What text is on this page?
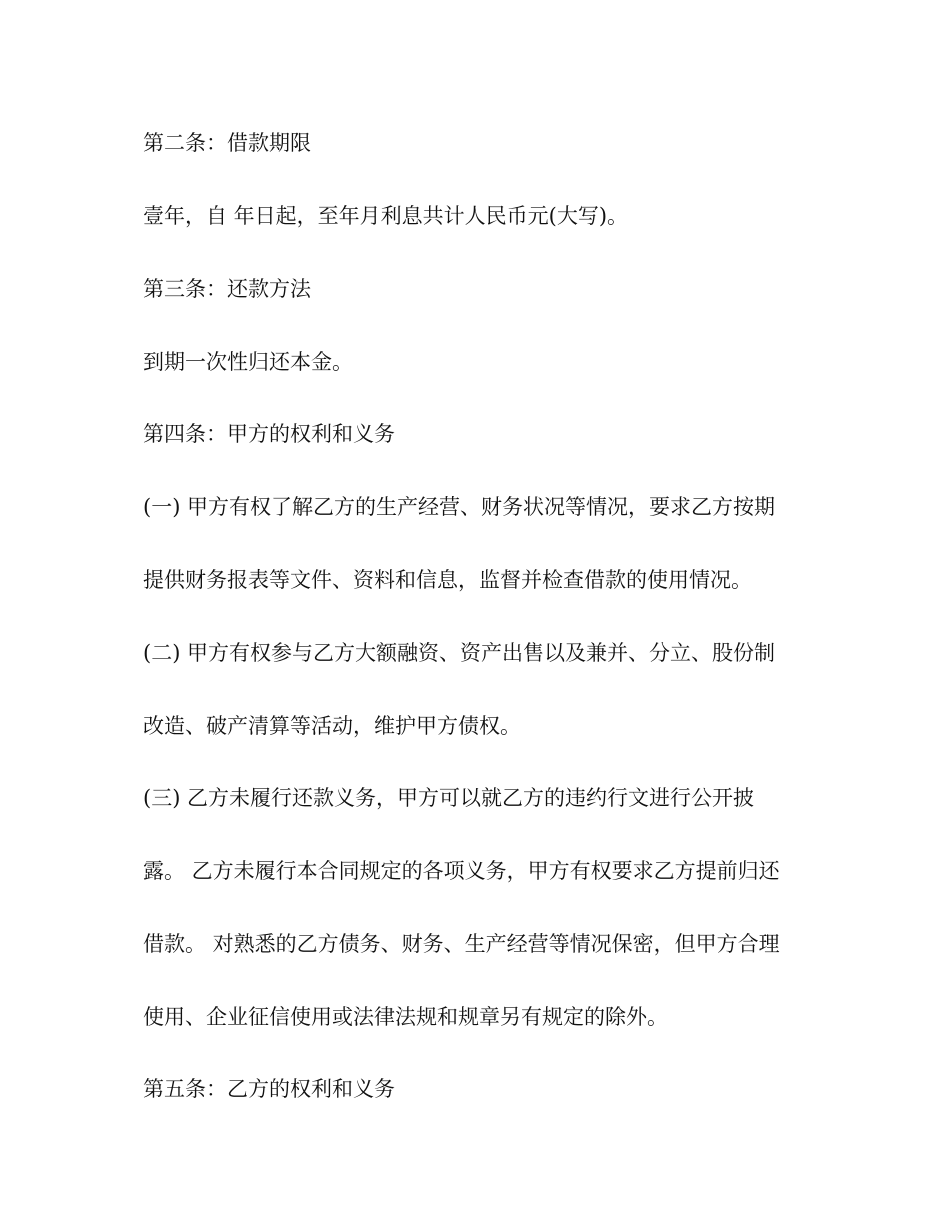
第二条：借款期限
壹年，自 年日起，至年月利息共计人民币元(大写)。
第三条：还款方法
到期一次性归还本金。
第四条：甲方的权利和义务
(一) 甲方有权了解乙方的生产经营、财务状况等情况，要求乙方按期
提供财务报表等文件、资料和信息，监督并检查借款的使用情况。
(二) 甲方有权参与乙方大额融资、资产出售以及兼并、分立、股份制
改造、破产清算等活动，维护甲方债权。
(三) 乙方未履行还款义务，甲方可以就乙方的违约行文进行公开披
露。 乙方未履行本合同规定的各项义务，甲方有权要求乙方提前归还
借款。 对熟悉的乙方债务、财务、生产经营等情况保密，但甲方合理
使用、企业征信使用或法律法规和规章另有规定的除外。
第五条：乙方的权利和义务
